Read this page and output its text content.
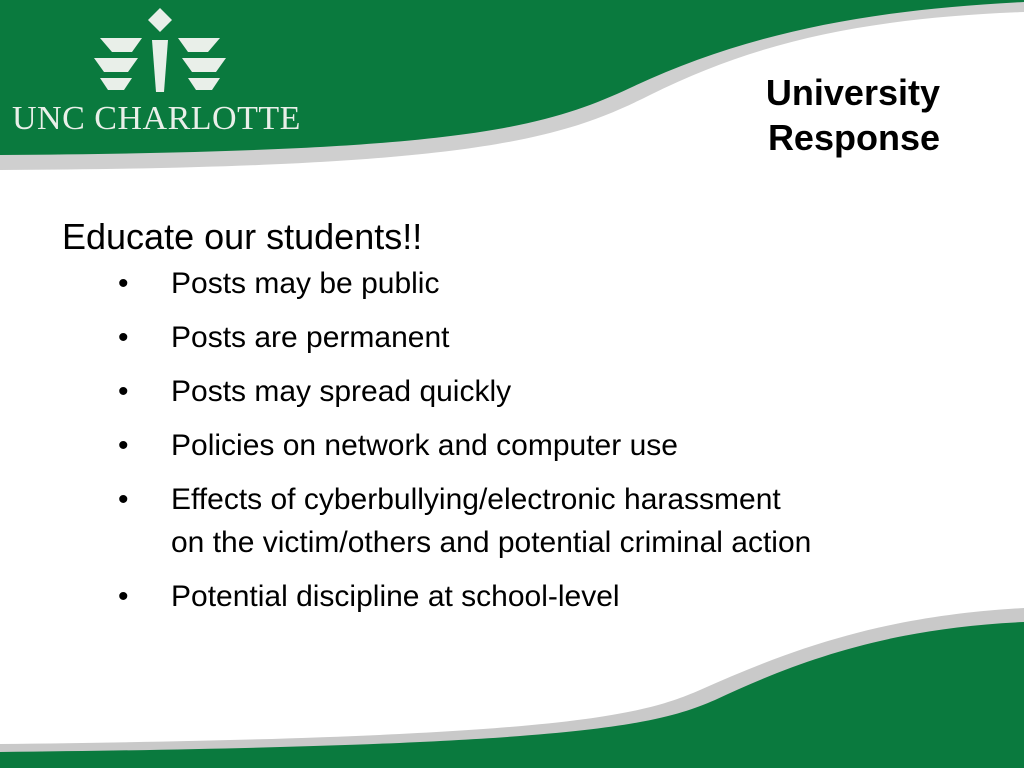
UNC CHARLOTTE
University
Response
Educate our students!!
• Posts may be public
• Posts are permanent
• Posts may spread quickly
• Policies on network and computer use
• Effects of cyberbullying/electronic harassment
on the victim/others and potential criminal action
• Potential discipline at school-level
